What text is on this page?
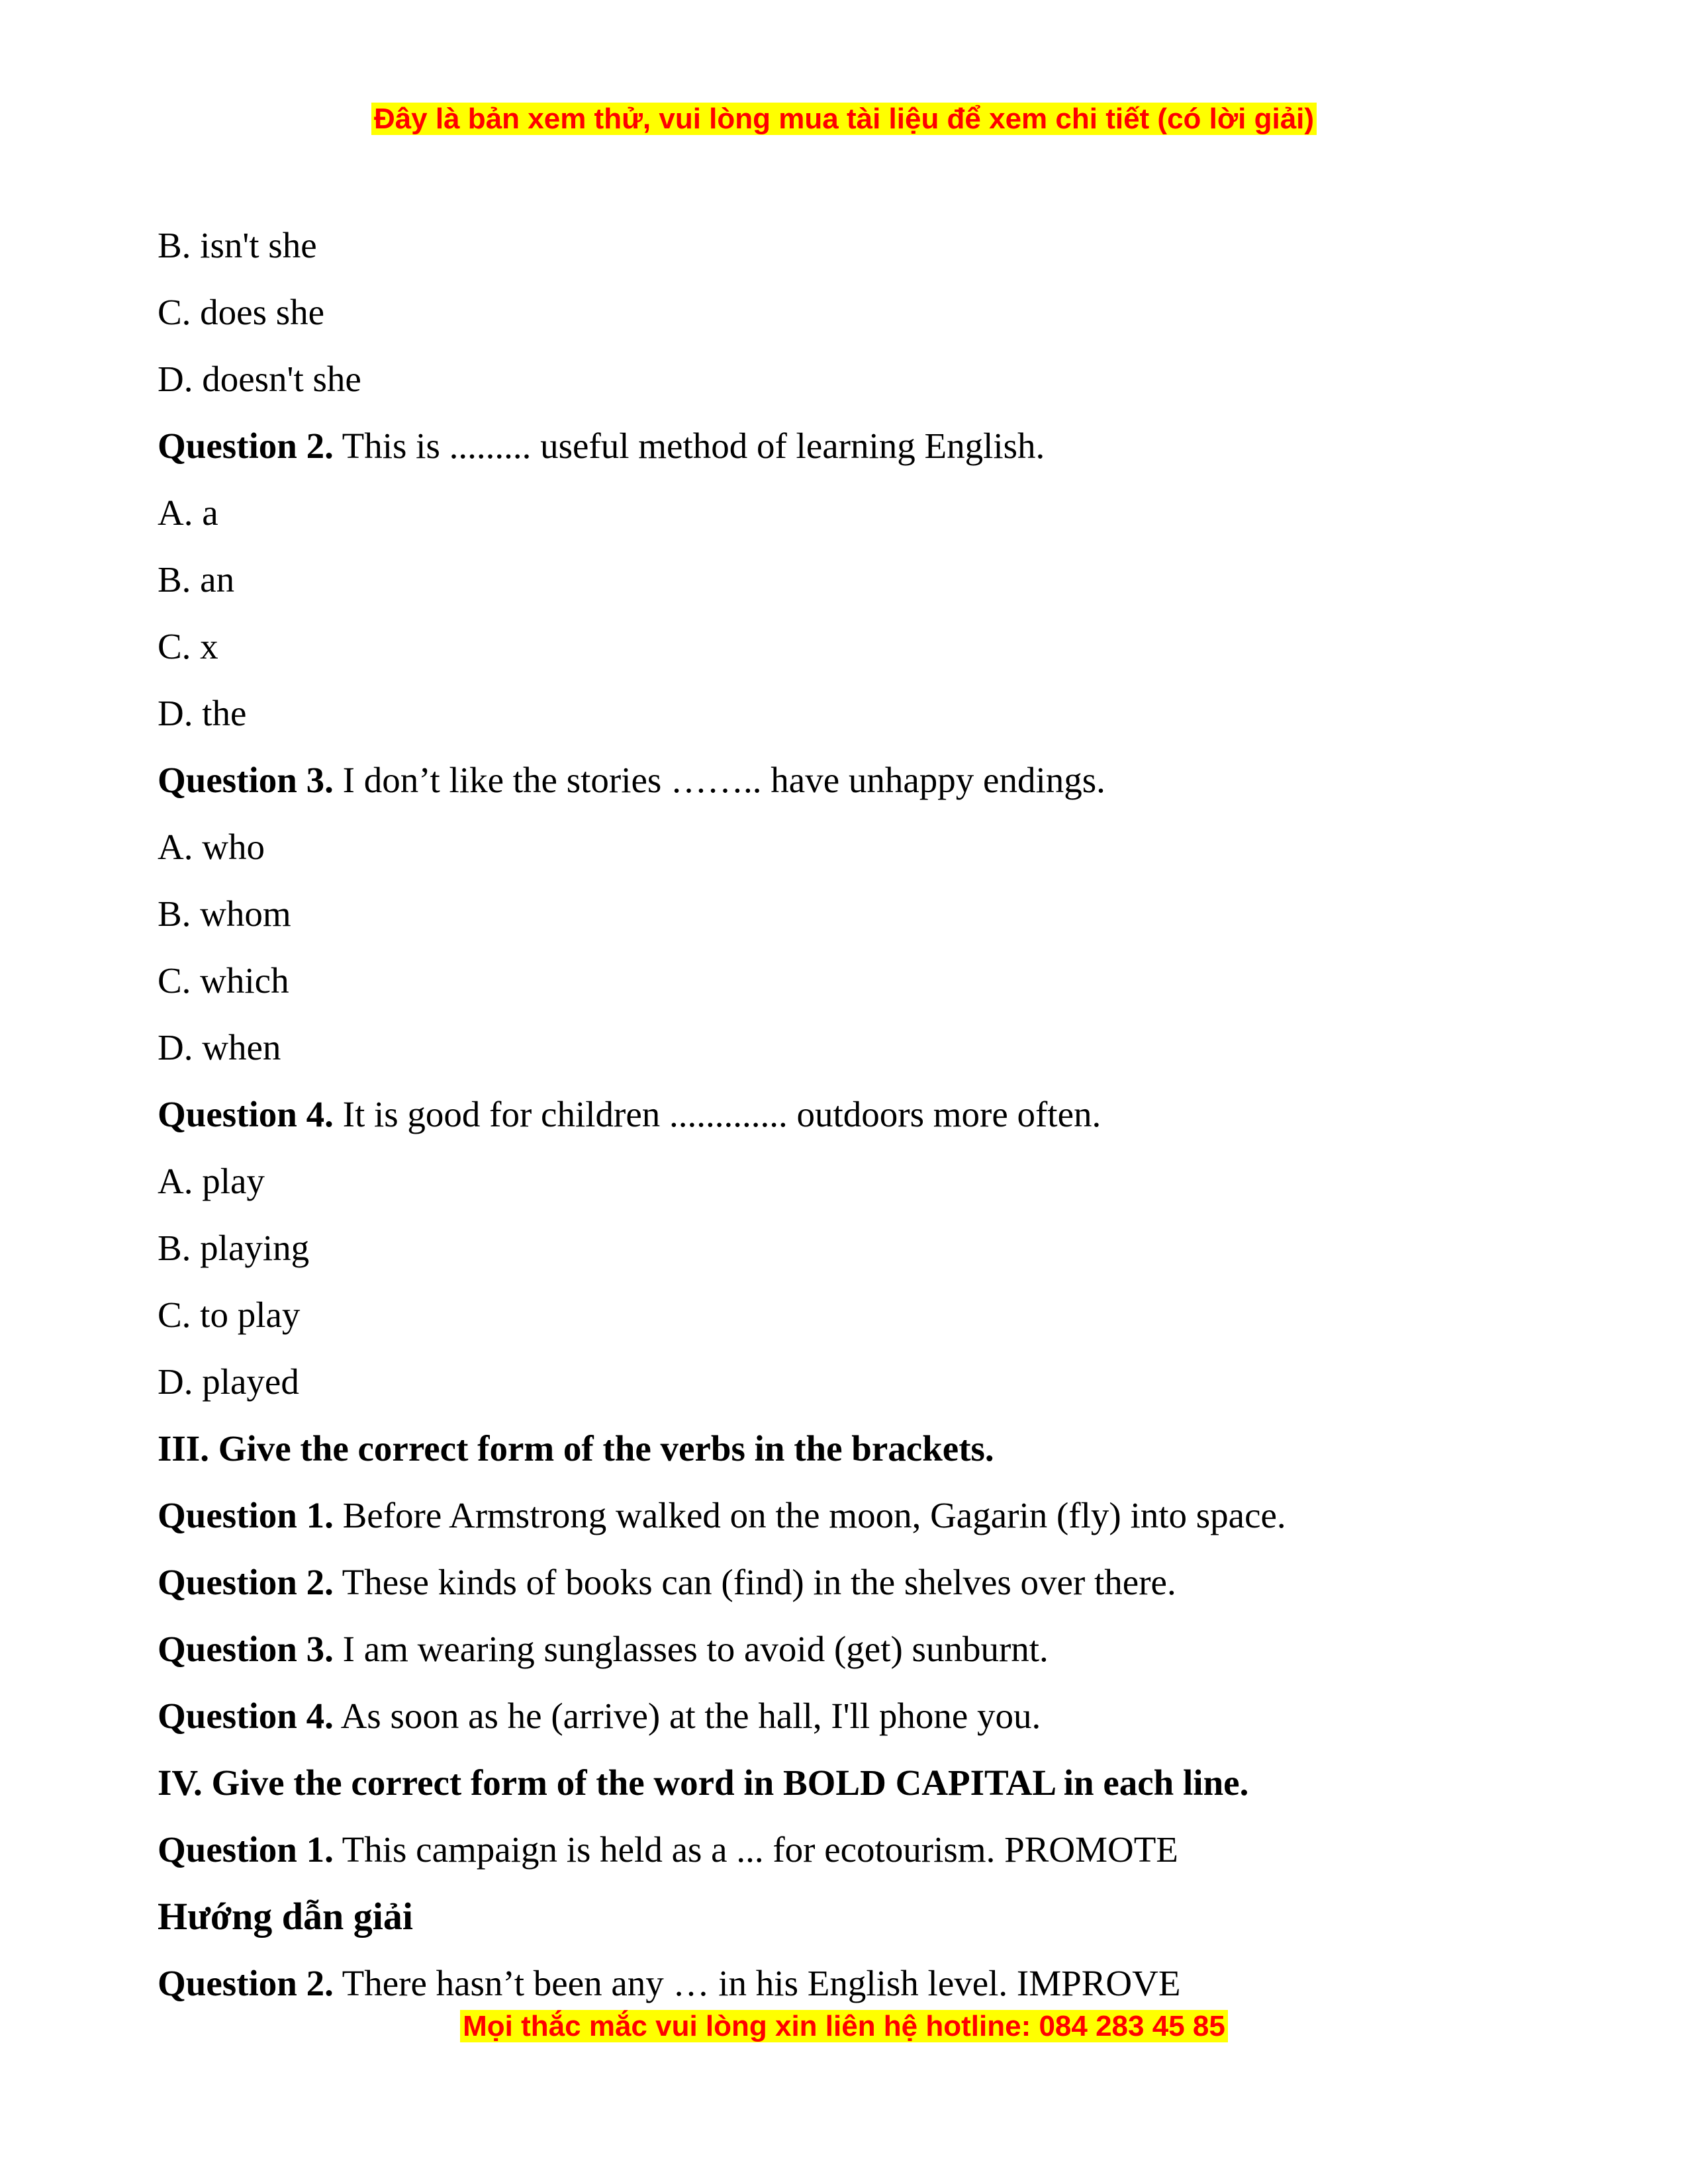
Đây là bản xem thử, vui lòng mua tài liệu để xem chi tiết (có lời giải)
B. isn't she
C. does she
D. doesn't she
Question 2. This is ......... useful method of learning English.
A. a
B. an
C. x
D. the
Question 3. I don’t like the stories …….. have unhappy endings.
A. who
B. whom
C. which
D. when
Question 4. It is good for children ............. outdoors more often.
A. play
B. playing
C. to play
D. played
III. Give the correct form of the verbs in the brackets.
Question 1. Before Armstrong walked on the moon, Gagarin (fly) into space.
Question 2. These kinds of books can (find) in the shelves over there.
Question 3. I am wearing sunglasses to avoid (get) sunburnt.
Question 4. As soon as he (arrive) at the hall, I'll phone you.
IV. Give the correct form of the word in BOLD CAPITAL in each line.
Question 1. This campaign is held as a ... for ecotourism. PROMOTE
Hướng dẫn giải
Question 2. There hasn’t been any … in his English level. IMPROVE
Mọi thắc mắc vui lòng xin liên hệ hotline: 084 283 45 85
